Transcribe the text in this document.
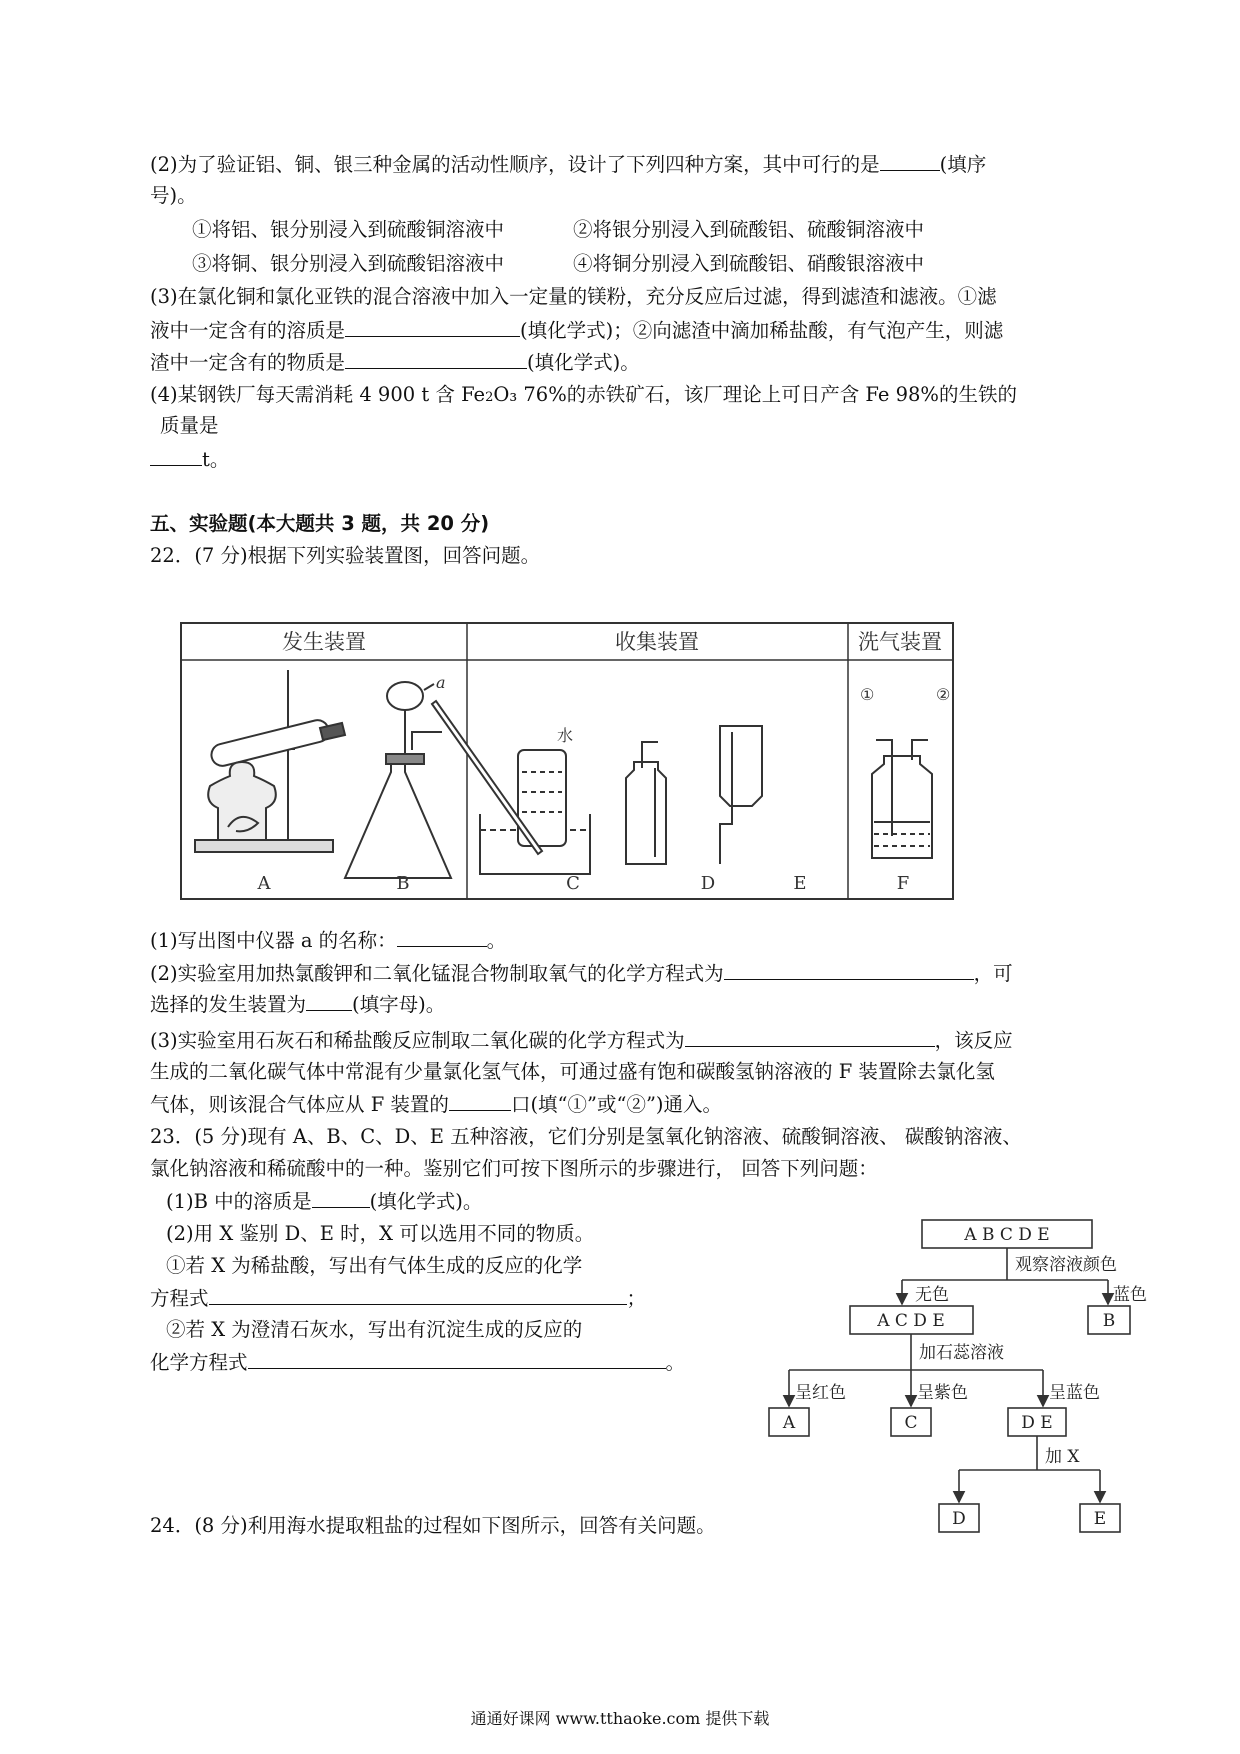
(2)为了验证铝、铜、银三种金属的活动性顺序，设计了下列四种方案，其中可行的是	(填序
号)。
①将铝、银分别浸入到硫酸铜溶液中	②将银分别浸入到硫酸铝、硫酸铜溶液中
③将铜、银分别浸入到硫酸铝溶液中	④将铜分别浸入到硫酸铝、硝酸银溶液中
(3)在氯化铜和氯化亚铁的混合溶液中加入一定量的镁粉，充分反应后过滤，得到滤渣和滤液。①滤
液中一定含有的溶质是	(填化学式)；②向滤渣中滴加稀盐酸，有气泡产生，则滤
渣中一定含有的物质是	(填化学式)。
(4)某钢铁厂每天需消耗 4 900 t 含 Fe2O₃ 76%的赤铁矿石，该厂理论上可日产含 Fe 98%的生铁的
质量是
t。
五、实验题(本大题共 3 题，共 20 分)
22．(7 分)根据下列实验装置图，回答问题。
发生装置	收集装置	洗气装置
a
水
①	②
A	B	C	D	E	F
(1)写出图中仪器 a 的名称：	。
(2)实验室用加热氯酸钾和二氧化锰混合物制取氧气的化学方程式为	，可
选择的发生装置为 (填字母)。
(3)实验室用石灰石和稀盐酸反应制取二氧化碳的化学方程式为	，该反应
生成的二氧化碳气体中常混有少量氯化氢气体，可通过盛有饱和碳酸氢钠溶液的 F 装置除去氯化氢
气体，则该混合气体应从 F 装置的	口(填“①”或“②”)通入。
23．(5 分)现有 A、B、C、D、E 五种溶液，它们分别是氢氧化钠溶液、硫酸铜溶液、 碳酸钠溶液、
氯化钠溶液和稀硫酸中的一种。鉴别它们可按下图所示的步骤进行， 回答下列问题：
(1)B 中的溶质是	(填化学式)。
(2)用 X 鉴别 D、E 时，X 可以选用不同的物质。
①若 X 为稀盐酸，写出有气体生成的反应的化学
方程式	；
②若 X 为澄清石灰水，写出有沉淀生成的反应的
化学方程式	。
A B C D E
观察溶液颜色
无色	蓝色
A C D E	B
加石蕊溶液
呈红色	呈紫色	呈蓝色
A	C	D E
加 X
D	E
24．(8 分)利用海水提取粗盐的过程如下图所示，回答有关问题。
通通好课网 www.tthaoke.com 提供下载
